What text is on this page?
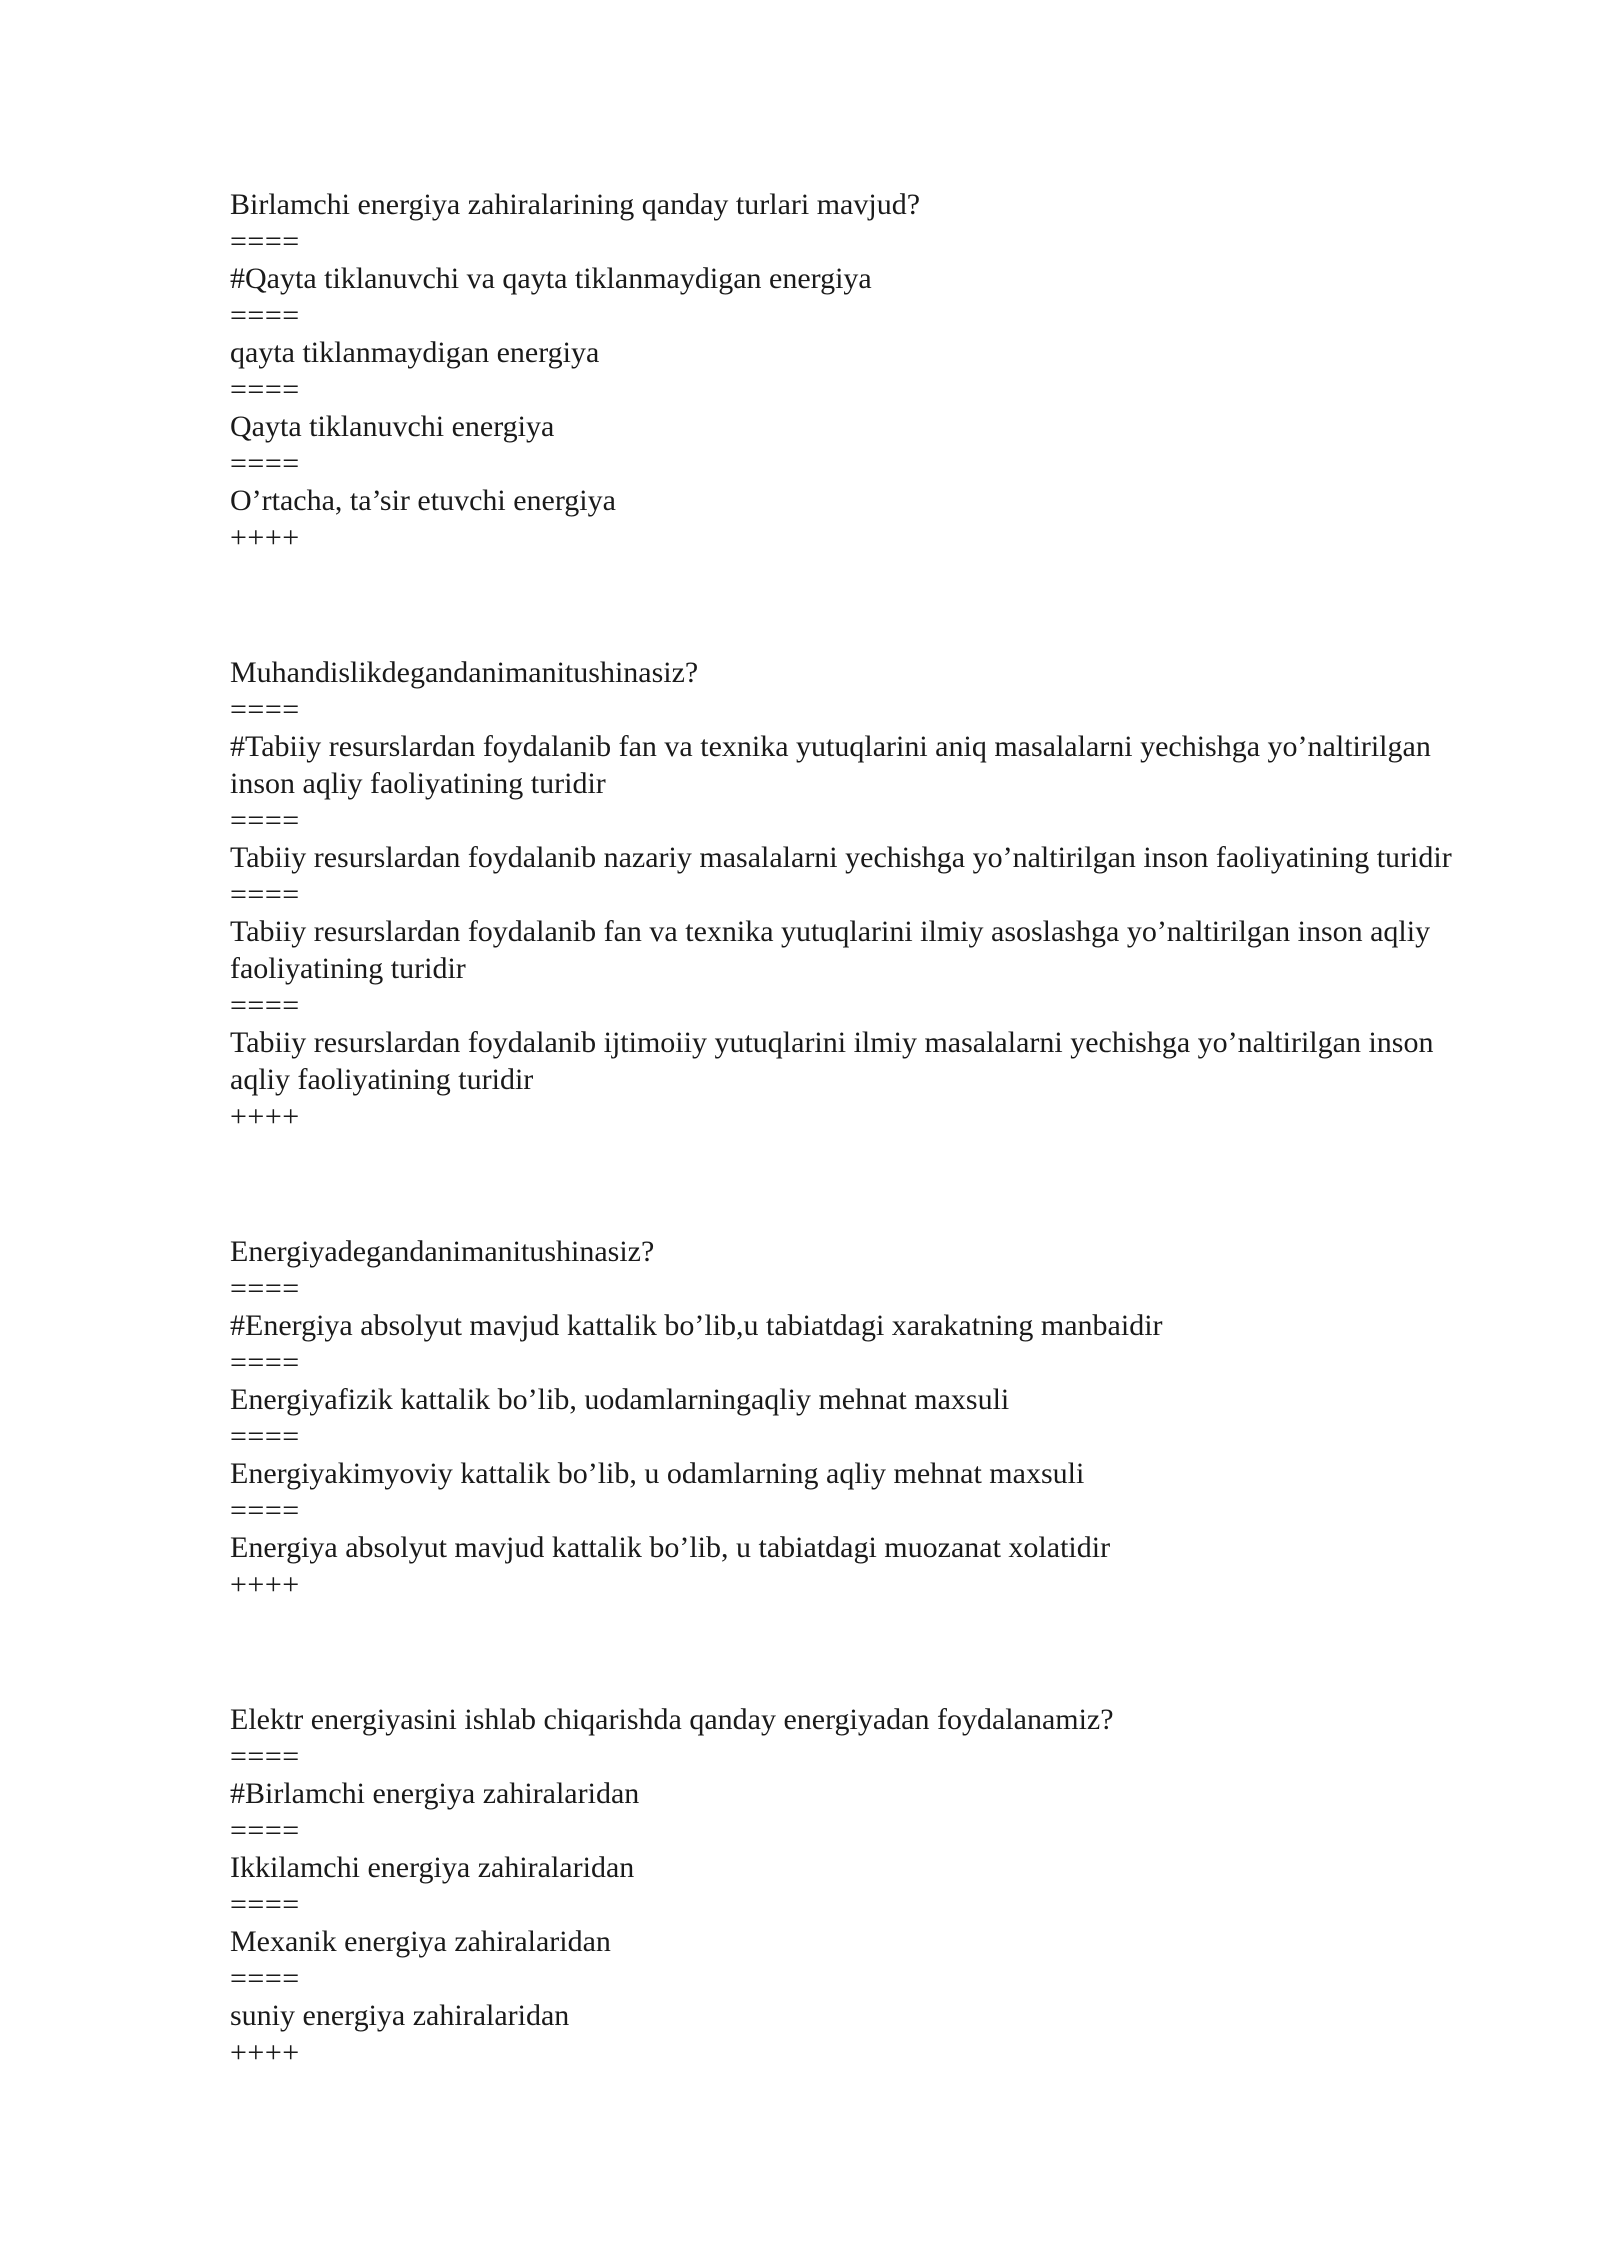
Birlamchi energiya zahiralarining qanday turlari mavjud?

====

#Qayta tiklanuvchi va qayta tiklanmaydigan energiya

====

qayta tiklanmaydigan energiya

====

Qayta tiklanuvchi energiya

====

O’rtacha, ta’sir etuvchi energiya

++++

Muhandislikdegandanimanitushinasiz?

====

#Tabiiy resurslardan foydalanib fan va texnika yutuqlarini aniq masalalarni yechishga yo’naltirilgan inson aqliy faoliyatining turidir

====

Tabiiy resurslardan foydalanib nazariy masalalarni yechishga yo’naltirilgan inson faoliyatining turidir

====

Tabiiy resurslardan foydalanib fan va texnika yutuqlarini ilmiy asoslashga yo’naltirilgan inson aqliy faoliyatining turidir

====

Tabiiy resurslardan foydalanib ijtimoiiy yutuqlarini ilmiy masalalarni yechishga yo’naltirilgan inson aqliy faoliyatining turidir

++++

Energiyadegandanimanitushinasiz?

====

#Energiya absolyut mavjud kattalik bo’lib,u tabiatdagi xarakatning manbaidir

====

Energiyafizik kattalik bo’lib, uodamlarningaqliy mehnat maxsuli

====

Energiyakimyoviy kattalik bo’lib, u odamlarning aqliy mehnat maxsuli

====

Energiya absolyut mavjud kattalik bo’lib, u tabiatdagi muozanat xolatidir

++++

Elektr energiyasini ishlab chiqarishda qanday energiyadan foydalanamiz?

====

#Birlamchi energiya zahiralaridan

====

Ikkilamchi energiya zahiralaridan

====

Mexanik energiya zahiralaridan

====

suniy energiya zahiralaridan

++++
